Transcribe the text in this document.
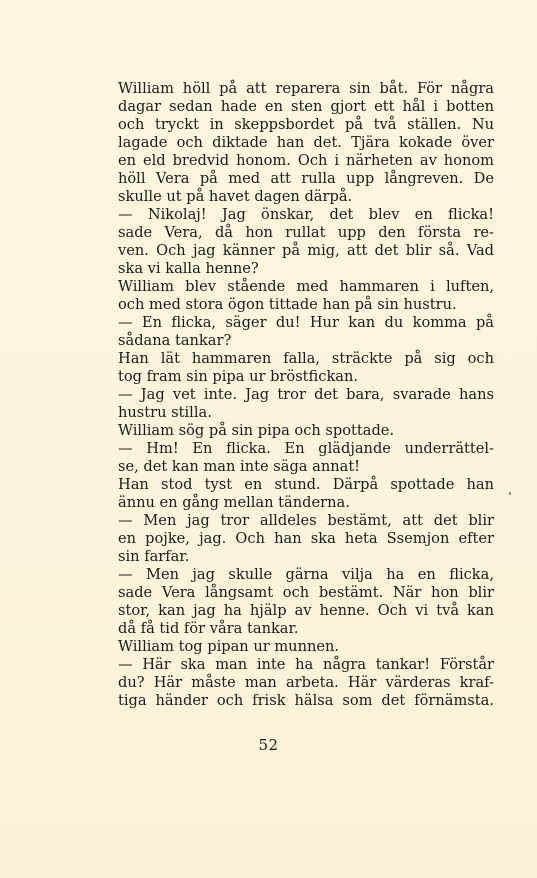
William höll på att reparera sin båt. För några
dagar sedan hade en sten gjort ett hål i botten
och tryckt in skeppsbordet på två ställen. Nu
lagade och diktade han det. Tjära kokade över
en eld bredvid honom. Och i närheten av honom
höll Vera på med att rulla upp långreven. De
skulle ut på havet dagen därpå.
— Nikolaj! Jag önskar, det blev en flicka!
sade Vera, då hon rullat upp den första re-
ven. Och jag känner på mig, att det blir så. Vad
ska vi kalla henne?
William blev stående med hammaren i luften,
och med stora ögon tittade han på sin hustru.
— En flicka, säger du! Hur kan du komma på
sådana tankar?
Han lät hammaren falla, sträckte på sig och
tog fram sin pipa ur bröstfickan.
— Jag vet inte. Jag tror det bara, svarade hans
hustru stilla.
William sög på sin pipa och spottade.
— Hm! En flicka. En glädjande underrättel-
se, det kan man inte säga annat!
Han stod tyst en stund. Därpå spottade han
ännu en gång mellan tänderna.
— Men jag tror alldeles bestämt, att det blir
en pojke, jag. Och han ska heta Ssemjon efter
sin farfar.
— Men jag skulle gärna vilja ha en flicka,
sade Vera långsamt och bestämt. När hon blir
stor, kan jag ha hjälp av henne. Och vi två kan
då få tid för våra tankar.
William tog pipan ur munnen.
— Här ska man inte ha några tankar! Förstår
du? Här måste man arbeta. Här värderas kraf-
tiga händer och frisk hälsa som det förnämsta.
52
